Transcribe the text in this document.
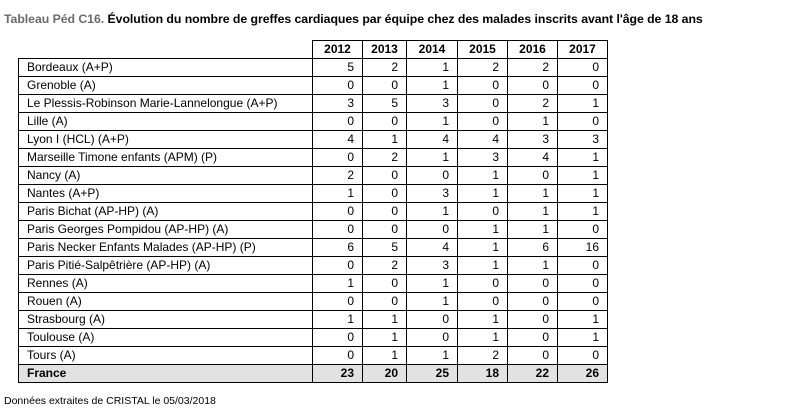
Tableau Péd C16. Évolution du nombre de greffes cardiaques par équipe chez des malades inscrits avant l'âge de 18 ans
	2012	2013	2014	2015	2016	2017
Bordeaux (A+P)	5	2	1	2	2	0
Grenoble (A)	0	0	1	0	0	0
Le Plessis-Robinson Marie-Lannelongue (A+P)	3	5	3	0	2	1
Lille (A)	0	0	1	0	1	0
Lyon I (HCL) (A+P)	4	1	4	4	3	3
Marseille Timone enfants (APM) (P)	0	2	1	3	4	1
Nancy (A)	2	0	0	1	0	1
Nantes (A+P)	1	0	3	1	1	1
Paris Bichat (AP-HP) (A)	0	0	1	0	1	1
Paris Georges Pompidou (AP-HP) (A)	0	0	0	1	1	0
Paris Necker Enfants Malades (AP-HP) (P)	6	5	4	1	6	16
Paris Pitié-Salpêtrière (AP-HP) (A)	0	2	3	1	1	0
Rennes (A)	1	0	1	0	0	0
Rouen (A)	0	0	1	0	0	0
Strasbourg (A)	1	1	0	1	0	1
Toulouse (A)	0	1	0	1	0	1
Tours (A)	0	1	1	2	0	0
France	23	20	25	18	22	26
Données extraites de CRISTAL le 05/03/2018
